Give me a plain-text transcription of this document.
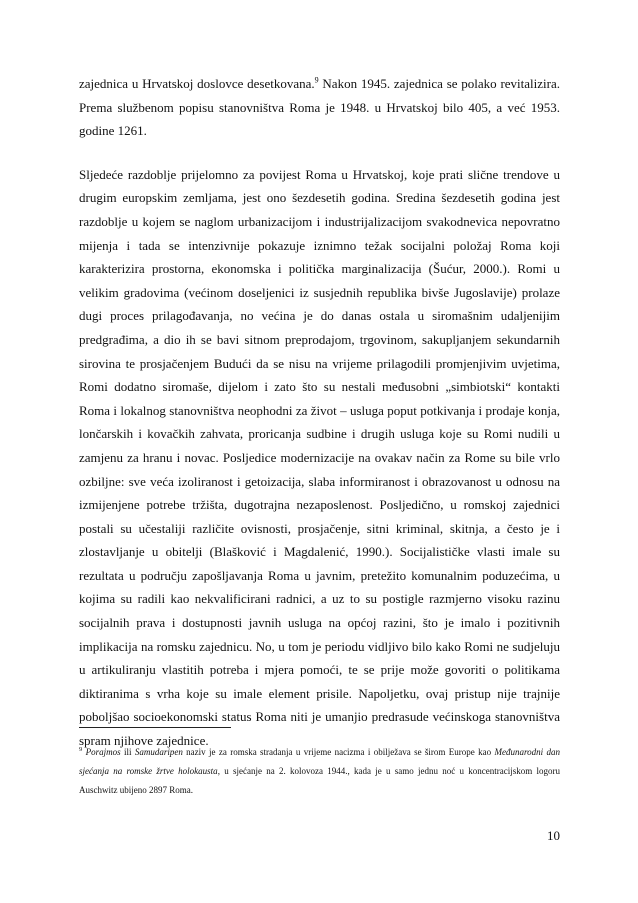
zajednica u Hrvatskoj doslovce desetkovana.$^9$ Nakon 1945. zajednica se polako revitalizira. Prema službenom popisu stanovništva Roma je 1948. u Hrvatskoj bilo 405, a već 1953. godine 1261.

Sljedeće razdoblje prijelomno za povijest Roma u Hrvatskoj, koje prati slične trendove u drugim europskim zemljama, jest ono šezdesetih godina. Sredina šezdesetih godina jest razdoblje u kojem se naglom urbanizacijom i industrijalizacijom svakodnevica nepovratno mijenja i tada se intenzivnije pokazuje iznimno težak socijalni položaj Roma koji karakterizira prostorna, ekonomska i politička marginalizacija (Šućur, 2000.). Romi u velikim gradovima (većinom doseljenici iz susjednih republika bivše Jugoslavije) prolaze dugi proces prilagođavanja, no većina je do danas ostala u siromašnim udaljenijim predgrađima, a dio ih se bavi sitnom preprodajom, trgovinom, sakupljanjem sekundarnih sirovina te prosjačenjem Budući da se nisu na vrijeme prilagodili promjenjivim uvjetima, Romi dodatno siromaše, dijelom i zato što su nestali međusobni „simbiotski“ kontakti Roma i lokalnog stanovništva neophodni za život – usluga poput potkivanja i prodaje konja, lončarskih i kovačkih zahvata, proricanja sudbine i drugih usluga koje su Romi nudili u zamjenu za hranu i novac. Posljedice modernizacije na ovakav način za Rome su bile vrlo ozbiljne: sve veća izoliranost i getoizacija, slaba informiranost i obrazovanost u odnosu na izmijenjene potrebe tržišta, dugotrajna nezaposlenost. Posljedično, u romskoj zajednici postali su učestaliji različite ovisnosti, prosjačenje, sitni kriminal, skitnja, a često je i zlostavljanje u obitelji (Blašković i Magdalenić, 1990.). Socijalističke vlasti imale su rezultata u području zapošljavanja Roma u javnim, pretežito komunalnim poduzećima, u kojima su radili kao nekvalificirani radnici, a uz to su postigle razmjerno visoku razinu socijalnih prava i dostupnosti javnih usluga na općoj razini, što je imalo i pozitivnih implikacija na romsku zajednicu. No, u tom je periodu vidljivo bilo kako Romi ne sudjeluju u artikuliranju vlastitih potreba i mjera pomoći, te se prije može govoriti o politikama diktiranima s vrha koje su imale element prisile. Napoljetku, ovaj pristup nije trajnije poboljšao socioekonomski status Roma niti je umanjio predrasude većinskoga stanovništva spram njihove zajednice.

$^9$ Porajmos ili Samudaripen naziv je za romska stradanja u vrijeme nacizma i obilježava se širom Europe kao Međunarodni dan sjećanja na romske žrtve holokausta, u sjećanje na 2. kolovoza 1944., kada je u samo jednu noć u koncentracijskom logoru Auschwitz ubijeno 2897 Roma.
10
